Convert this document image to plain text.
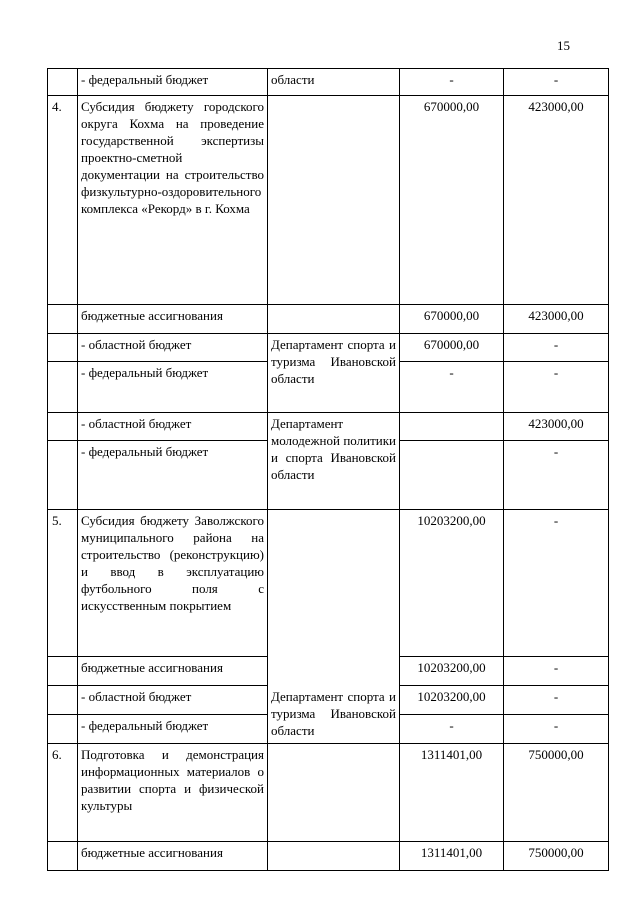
15
	- федеральный бюджет	области	-	-
4.	Субсидия бюджету городского округа Кохма на проведение государственной экспертизы проектно-сметной документации на строительство физкультурно-оздоровительного комплекса «Рекорд» в г. Кохма		670000,00	423000,00
	бюджетные ассигнования		670000,00	423000,00
	- областной бюджет	Департамент спорта и туризма Ивановской области	670000,00	-
	- федеральный бюджет		-	-
	- областной бюджет	Департамент молодежной политики и спорта Ивановской области		423000,00
	- федеральный бюджет			-
5.	Субсидия бюджету Заволжского муниципального района на строительство (реконструкцию) и ввод в эксплуатацию футбольного поля с искусственным покрытием	Департамент спорта и туризма Ивановской области	10203200,00	-
	бюджетные ассигнования		10203200,00	-
	- областной бюджет		10203200,00	-
	- федеральный бюджет		-	-
6.	Подготовка и демонстрация информационных материалов о развитии спорта и физической культуры		1311401,00	750000,00
	бюджетные ассигнования		1311401,00	750000,00
